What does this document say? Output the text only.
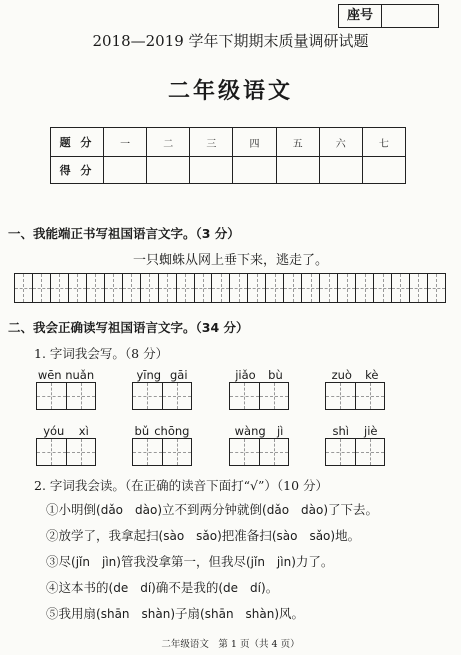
座号
2018—2019 学年下期期末质量调研试题
二年级语文
题 分	一	二	三	四	五	六	七
得 分							
一、我能端正书写祖国语言文字。（3 分）
一只蜘蛛从网上垂下来，逃走了。
二、我会正确读写祖国语言文字。（34 分）
1. 字词我会写。（8 分）
wēn nuǎn	yīng gāi	jiǎo bù	zuò kè
yóu xì	bǔ chōng	wàng jì	shì jiè
2. 字词我会读。（在正确的读音下面打“√”）（10 分）
①小明倒(dǎo　dào)立不到两分钟就倒(dǎo　dào)了下去。
②放学了，我拿起扫(sào　sǎo)把准备扫(sào　sǎo)地。
③尽(jǐn　jìn)管我没拿第一，但我尽(jǐn　jìn)力了。
④这本书的(de　dí)确不是我的(de　dí)。
⑤我用扇(shān　shàn)子扇(shān　shàn)风。
二年级语文　第 1 页（共 4 页）
